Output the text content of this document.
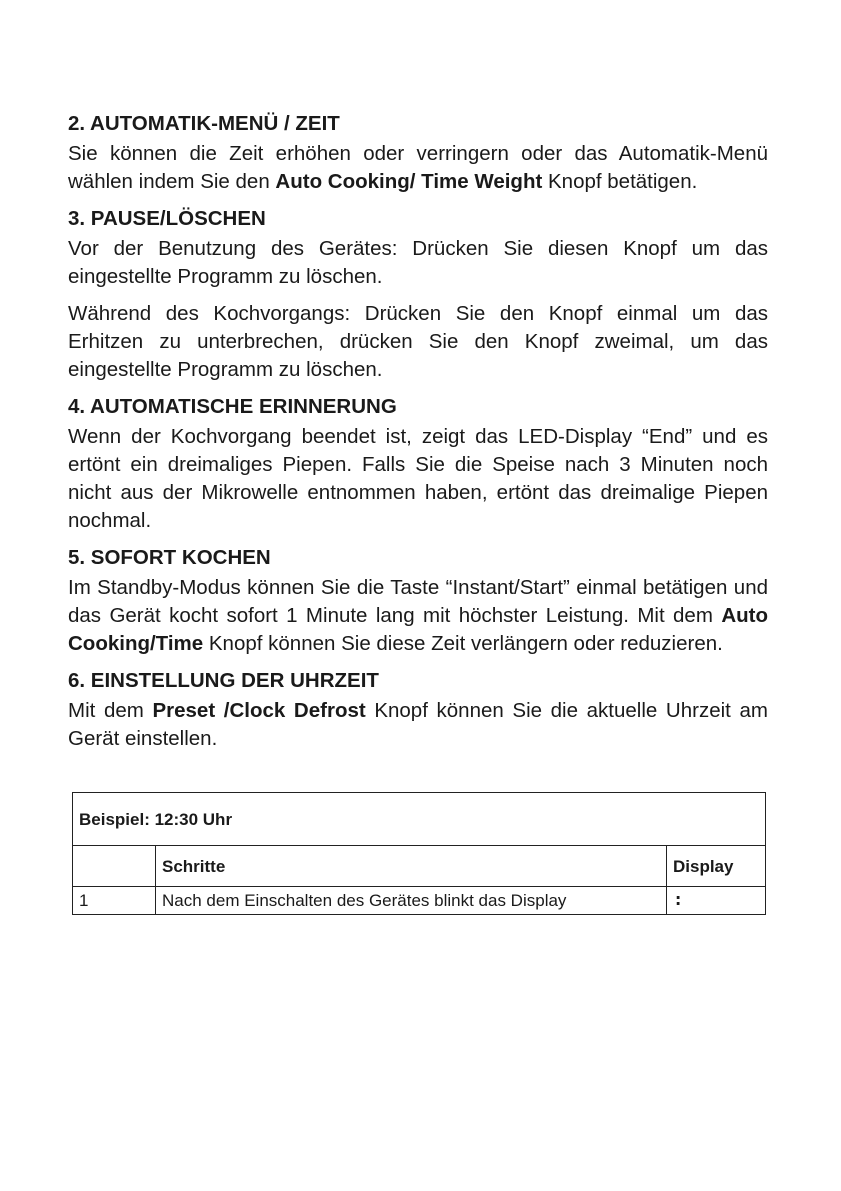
2. AUTOMATIK-MENÜ / ZEIT
Sie können die Zeit erhöhen oder verringern oder das Automatik-Menü wählen indem Sie den Auto Cooking/ Time Weight Knopf betätigen.
3. PAUSE/LÖSCHEN
Vor der Benutzung des Gerätes: Drücken Sie diesen Knopf um das eingestellte Programm zu löschen.
Während des Kochvorgangs: Drücken Sie den Knopf einmal um das Erhitzen zu unterbrechen, drücken Sie den Knopf zweimal, um das eingestellte Programm zu löschen.
4. AUTOMATISCHE ERINNERUNG
Wenn der Kochvorgang beendet ist, zeigt das LED-Display “End” und es ertönt ein dreimaliges Piepen. Falls Sie die Speise nach 3 Minuten noch nicht aus der Mikrowelle entnommen haben, ertönt das dreimalige Piepen nochmal.
5. SOFORT KOCHEN
Im Standby-Modus können Sie die Taste “Instant/Start” einmal betätigen und das Gerät kocht sofort 1 Minute lang mit höchster Leistung. Mit dem Auto Cooking/Time Knopf können Sie diese Zeit verlängern oder reduzieren.
6. EINSTELLUNG DER UHRZEIT
Mit dem Preset /Clock Defrost Knopf können Sie die aktuelle Uhrzeit am Gerät einstellen.
Beispiel: 12:30 Uhr		
	Schritte	Display
1	Nach dem Einschalten des Gerätes blinkt das Display	:
